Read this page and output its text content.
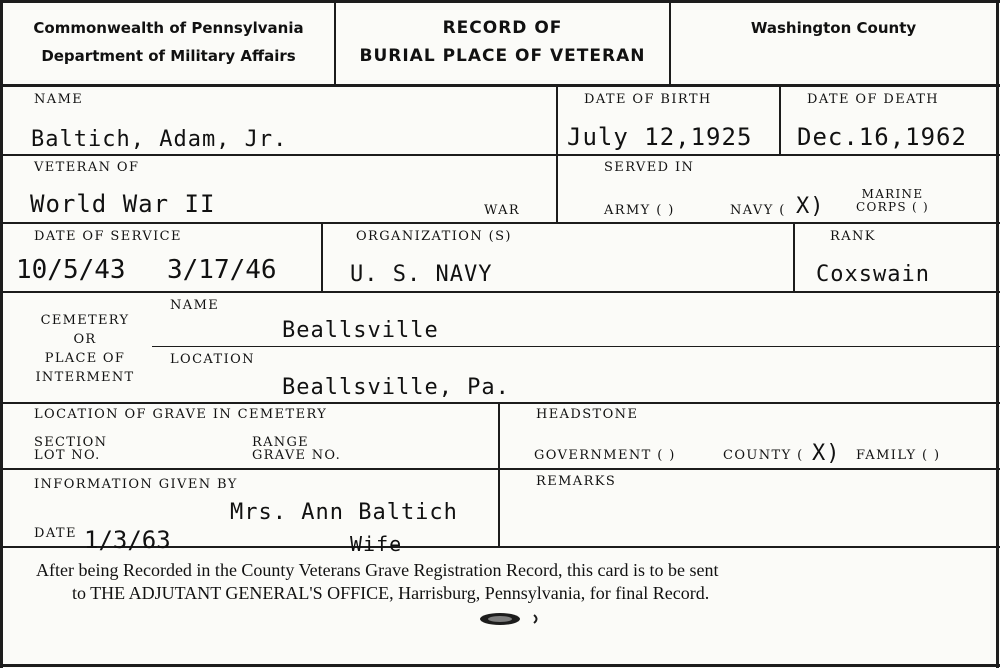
Commonwealth of Pennsylvania
Department of Military Affairs
RECORD OF
BURIAL PLACE OF VETERAN
Washington County
NAME	DATE OF BIRTH	DATE OF DEATH
Baltich, Adam, Jr.	July 12,1925 Dec.16,1962
VETERAN OF
World War II	WAR
SERVED IN
ARMY ( )	NAVY ( X)	MARINE
CORPS ( )
DATE OF SERVICE
10/5/43 3/17/46
ORGANIZATION (S)
U. S. NAVY
RANK
Coxswain
CEMETERY
OR
PLACE OF
INTERMENT
NAME
Beallsville
LOCATION
Beallsville, Pa.
LOCATION OF GRAVE IN CEMETERY
SECTION
LOT NO.
RANGE
GRAVE NO.
HEADSTONE
GOVERNMENT ( )	COUNTY ( X) FAMILY ( )
INFORMATION GIVEN BY
Mrs. Ann Baltich
DATE 1/3/63	Wife
REMARKS
After being Recorded in the County Veterans Grave Registration Record, this card is to be sent
to THE ADJUTANT GENERAL'S OFFICE, Harrisburg, Pennsylvania, for final Record.
